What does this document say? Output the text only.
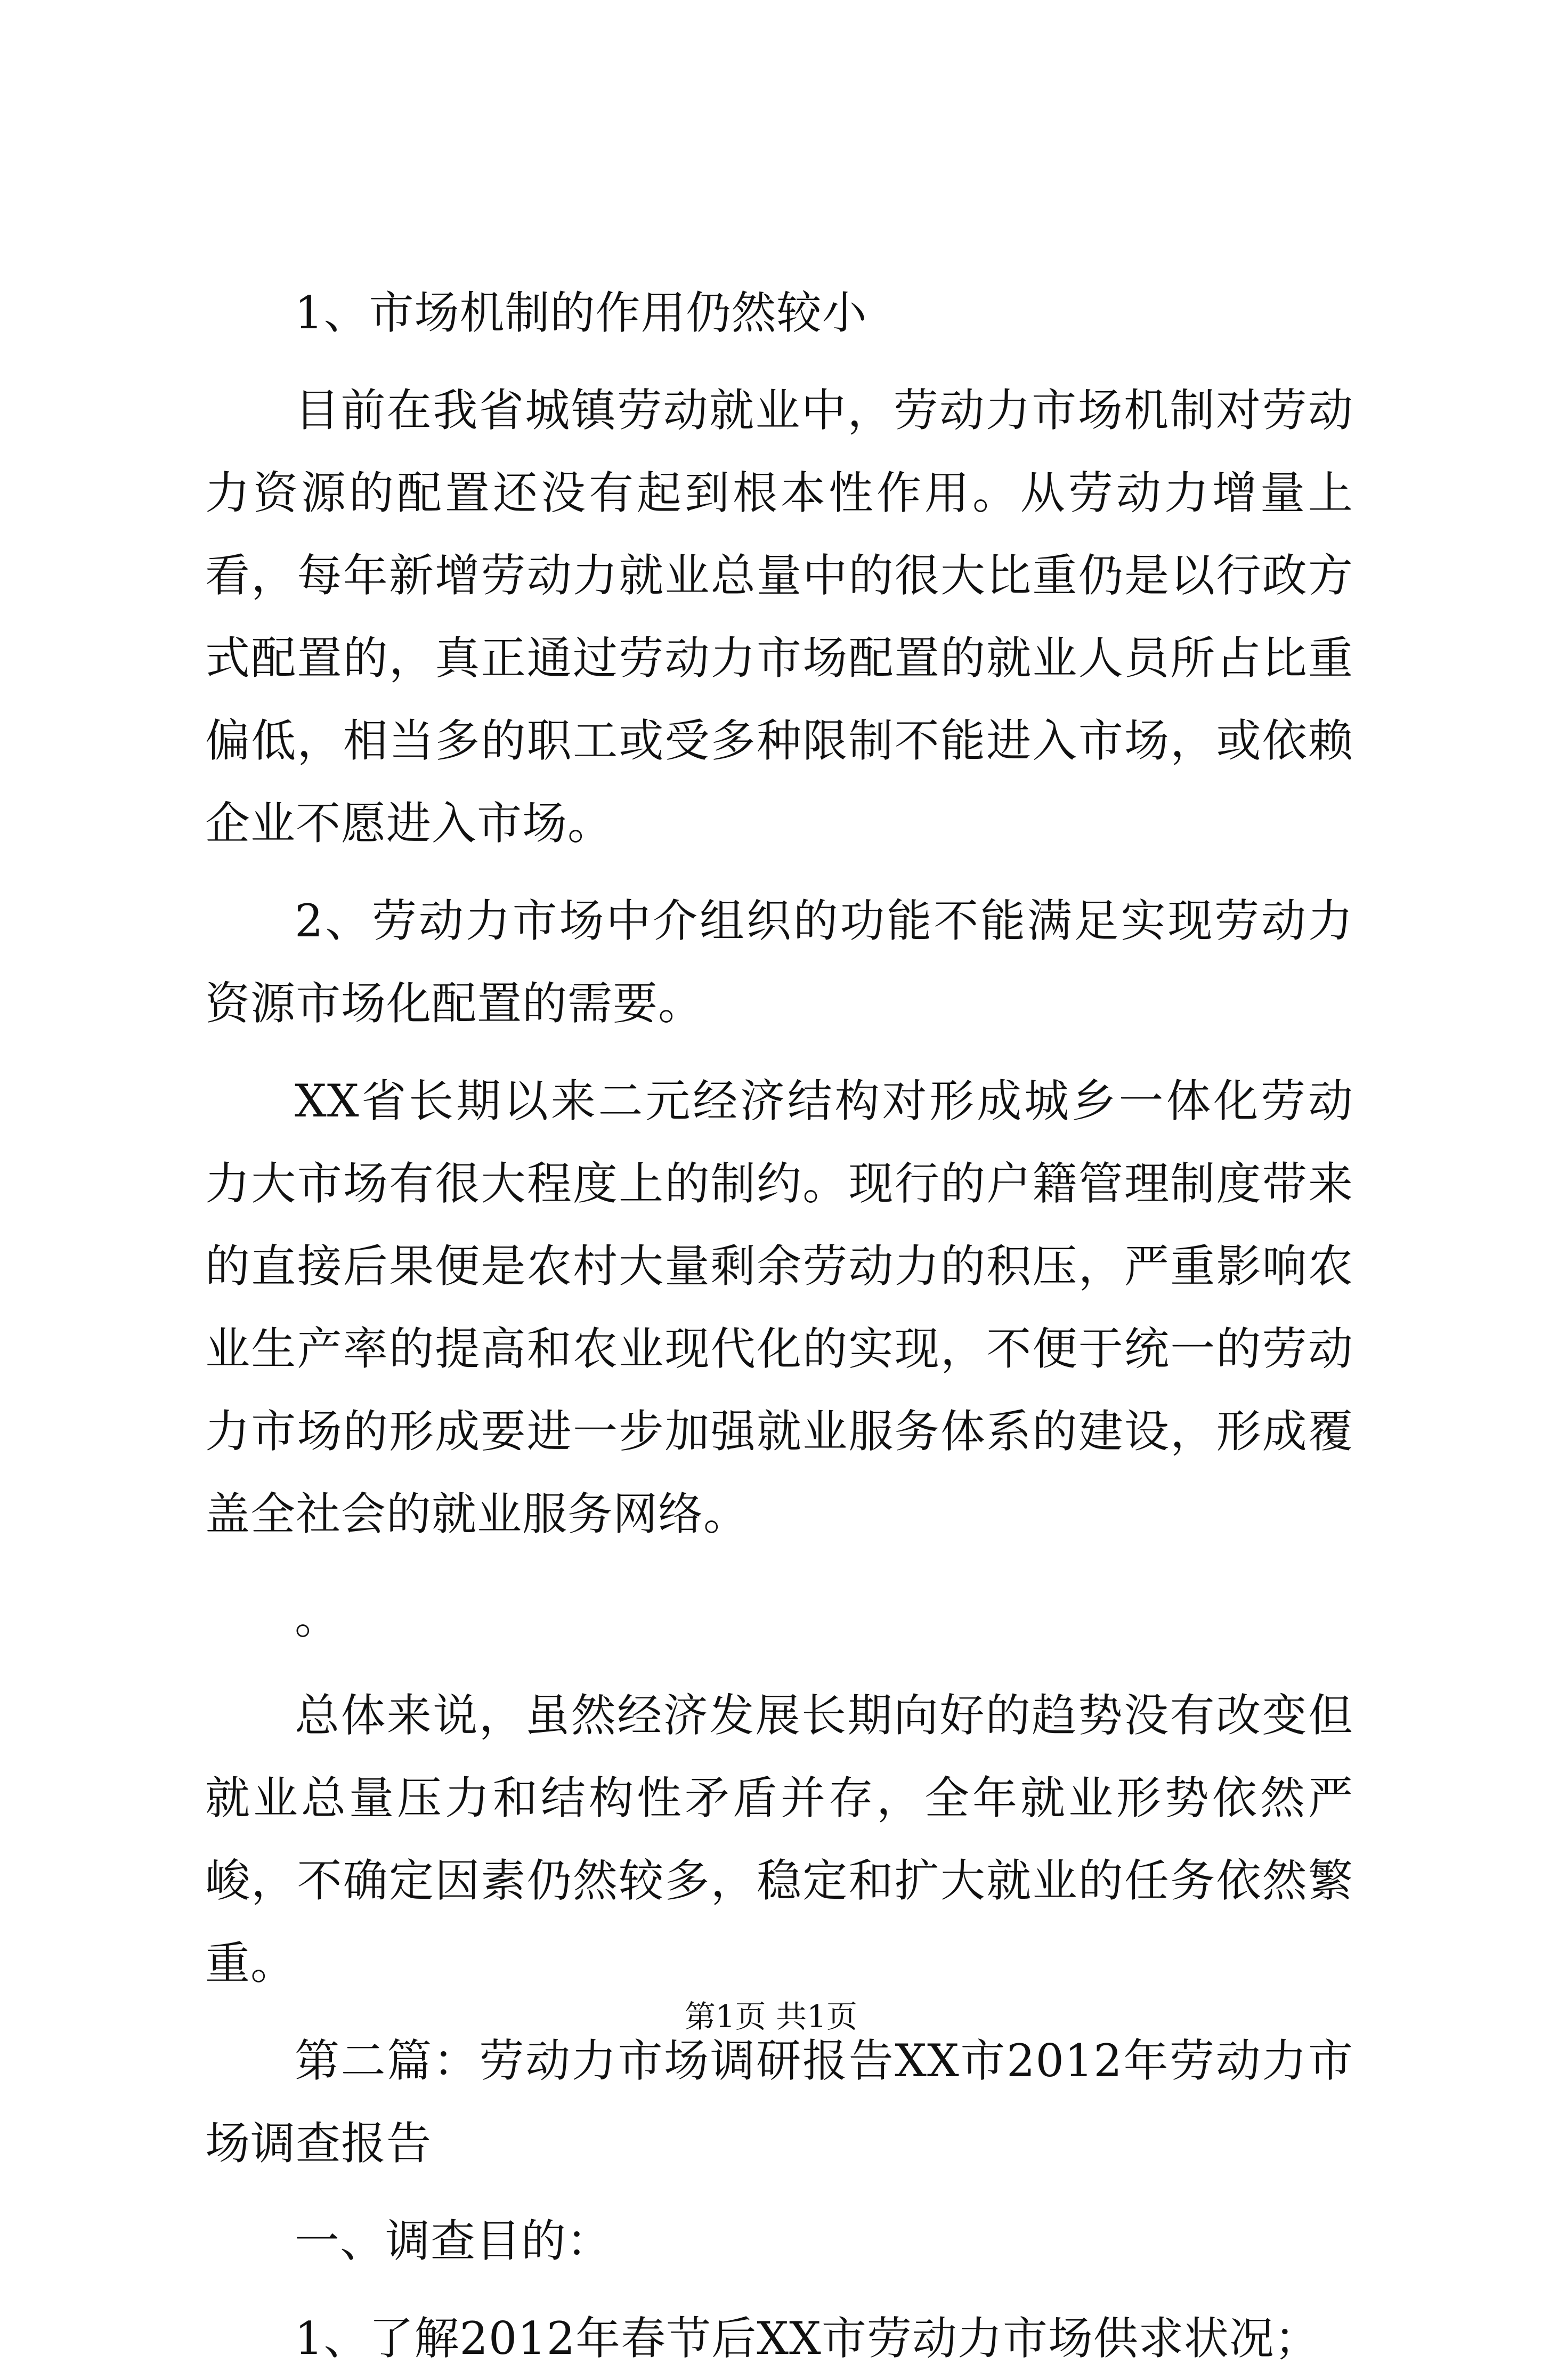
1、市场机制的作用仍然较小

目前在我省城镇劳动就业中，劳动力市场机制对劳动力资源的配置还没有起到根本性作用。从劳动力增量上看，每年新增劳动力就业总量中的很大比重仍是以行政方式配置的，真正通过劳动力市场配置的就业人员所占比重偏低，相当多的职工或受多种限制不能进入市场，或依赖企业不愿进入市场。

2、劳动力市场中介组织的功能不能满足实现劳动力资源市场化配置的需要。

XX省长期以来二元经济结构对形成城乡一体化劳动力大市场有很大程度上的制约。现行的户籍管理制度带来的直接后果便是农村大量剩余劳动力的积压，严重影响农业生产率的提高和农业现代化的实现，不便于统一的劳动力市场的形成要进一步加强就业服务体系的建设，形成覆盖全社会的就业服务网络。

。

总体来说，虽然经济发展长期向好的趋势没有改变但就业总量压力和结构性矛盾并存，全年就业形势依然严峻，不确定因素仍然较多，稳定和扩大就业的任务依然繁重。

第二篇：劳动力市场调研报告XX市2012年劳动力市场调查报告

一、调查目的：

1、了解2012年春节后XX市劳动力市场供求状况；

第1页 共1页
